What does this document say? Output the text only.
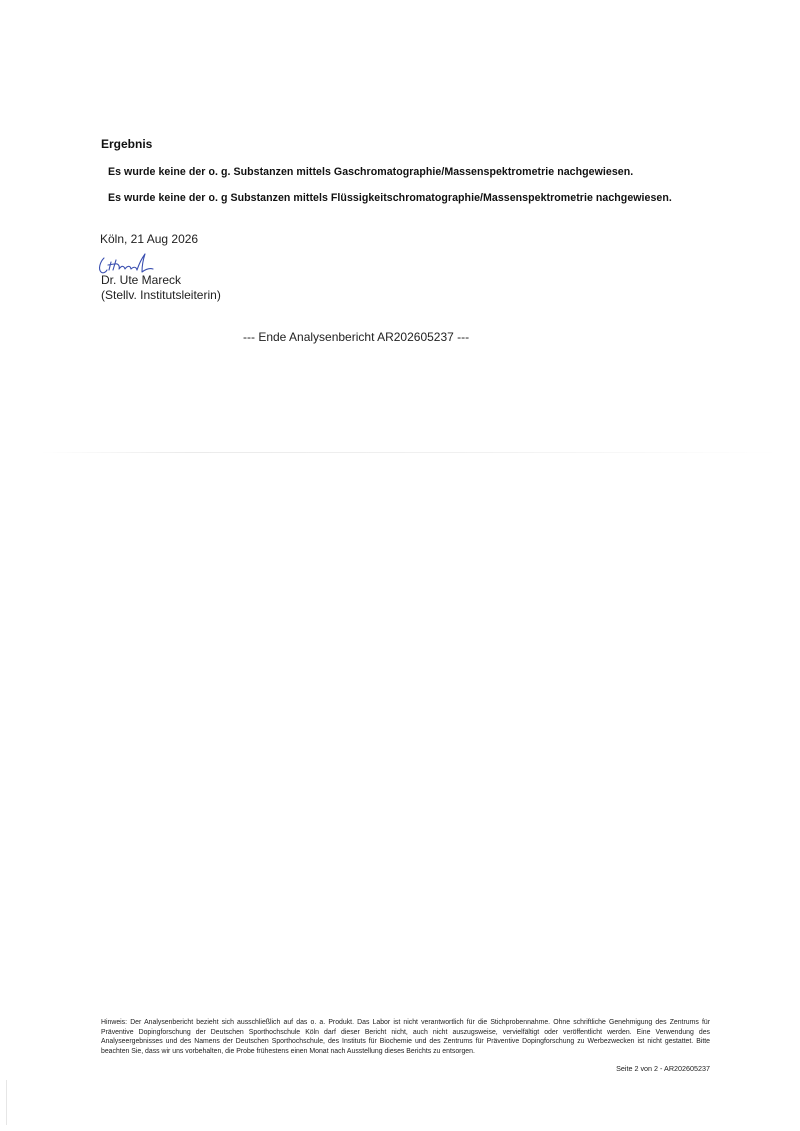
Ergebnis
Es wurde keine der o. g. Substanzen mittels Gaschromatographie/Massenspektrometrie nachgewiesen.
Es wurde keine der o. g Substanzen mittels Flüssigkeitschromatographie/Massenspektrometrie nachgewiesen.
Köln, 21 Aug 2026
Dr. Ute Mareck
(Stellv. Institutsleiterin)
--- Ende Analysenbericht AR202605237 ---
Hinweis: Der Analysenbericht bezieht sich ausschließlich auf das o. a. Produkt. Das Labor ist nicht verantwortlich für die Stichprobennahme. Ohne schriftliche Genehmigung des Zentrums für Präventive Dopingforschung der Deutschen Sporthochschule Köln darf dieser Bericht nicht, auch nicht auszugsweise, vervielfältigt oder veröffentlicht werden. Eine Verwendung des Analyseergebnisses und des Namens der Deutschen Sporthochschule, des Instituts für Biochemie und des Zentrums für Präventive Dopingforschung zu Werbezwecken ist nicht gestattet. Bitte beachten Sie, dass wir uns vorbehalten, die Probe frühestens einen Monat nach Ausstellung dieses Berichts zu entsorgen.
Seite 2 von 2 - AR202605237
